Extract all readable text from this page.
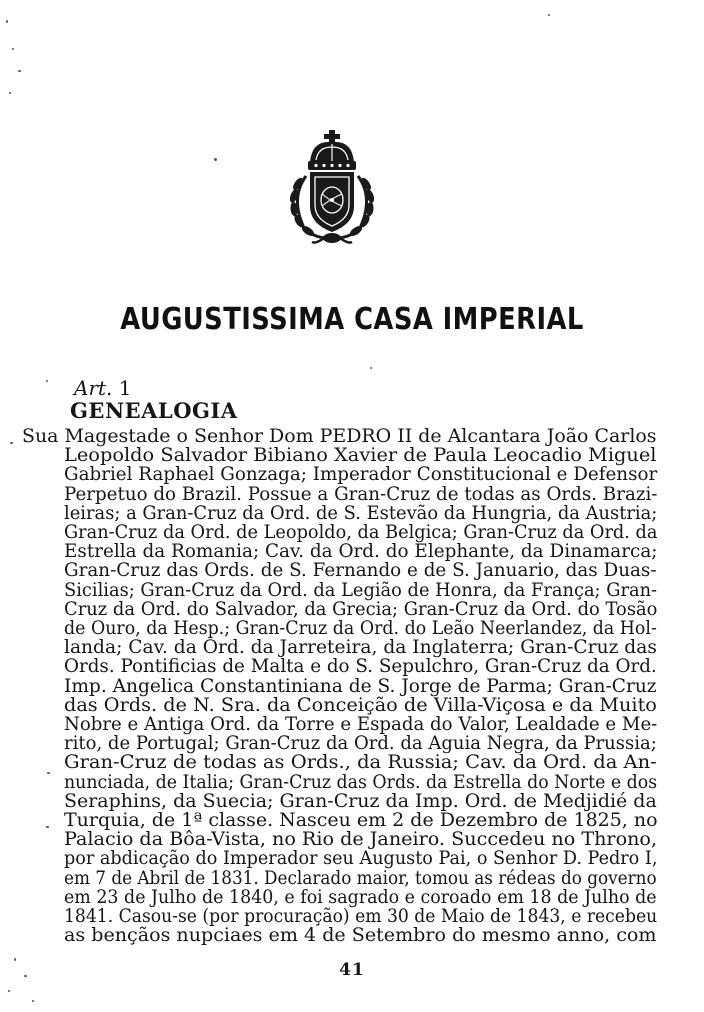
AUGUSTISSIMA CASA IMPERIAL
Art. 1
GENEALOGIA
Sua Magestade o Senhor Dom PEDRO II de Alcantara João Carlos
Leopoldo Salvador Bibiano Xavier de Paula Leocadio Miguel
Gabriel Raphael Gonzaga; Imperador Constitucional e Defensor
Perpetuo do Brazil. Possue a Gran-Cruz de todas as Ords. Brazi-
leiras; a Gran-Cruz da Ord. de S. Estevão da Hungria, da Austria;
Gran-Cruz da Ord. de Leopoldo, da Belgica; Gran-Cruz da Ord. da
Estrella da Romania; Cav. da Ord. do Elephante, da Dinamarca;
Gran-Cruz das Ords. de S. Fernando e de S. Januario, das Duas-
Sicilias; Gran-Cruz da Ord. da Legião de Honra, da França; Gran-
Cruz da Ord. do Salvador, da Grecia; Gran-Cruz da Ord. do Tosão
de Ouro, da Hesp.; Gran-Cruz da Ord. do Leão Neerlandez, da Hol-
landa; Cav. da Ord. da Jarreteira, da Inglaterra; Gran-Cruz das
Ords. Pontificias de Malta e do S. Sepulchro, Gran-Cruz da Ord.
Imp. Angelica Constantiniana de S. Jorge de Parma; Gran-Cruz
das Ords. de N. Sra. da Conceição de Villa-Viçosa e da Muito
Nobre e Antiga Ord. da Torre e Espada do Valor, Lealdade e Me-
rito, de Portugal; Gran-Cruz da Ord. da Aguia Negra, da Prussia;
Gran-Cruz de todas as Ords., da Russia; Cav. da Ord. da An-
nunciada, de Italia; Gran-Cruz das Ords. da Estrella do Norte e dos
Seraphins, da Suecia; Gran-Cruz da Imp. Ord. de Medjidié da
Turquia, de 1ª classe. Nasceu em 2 de Dezembro de 1825, no
Palacio da Bôa-Vista, no Rio de Janeiro. Succedeu no Throno,
por abdicação do Imperador seu Augusto Pai, o Senhor D. Pedro I,
em 7 de Abril de 1831. Declarado maior, tomou as rédeas do governo
em 23 de Julho de 1840, e foi sagrado e coroado em 18 de Julho de
1841. Casou-se (por procuração) em 30 de Maio de 1843, e recebeu
as bençãos nupciaes em 4 de Setembro do mesmo anno, com
41
